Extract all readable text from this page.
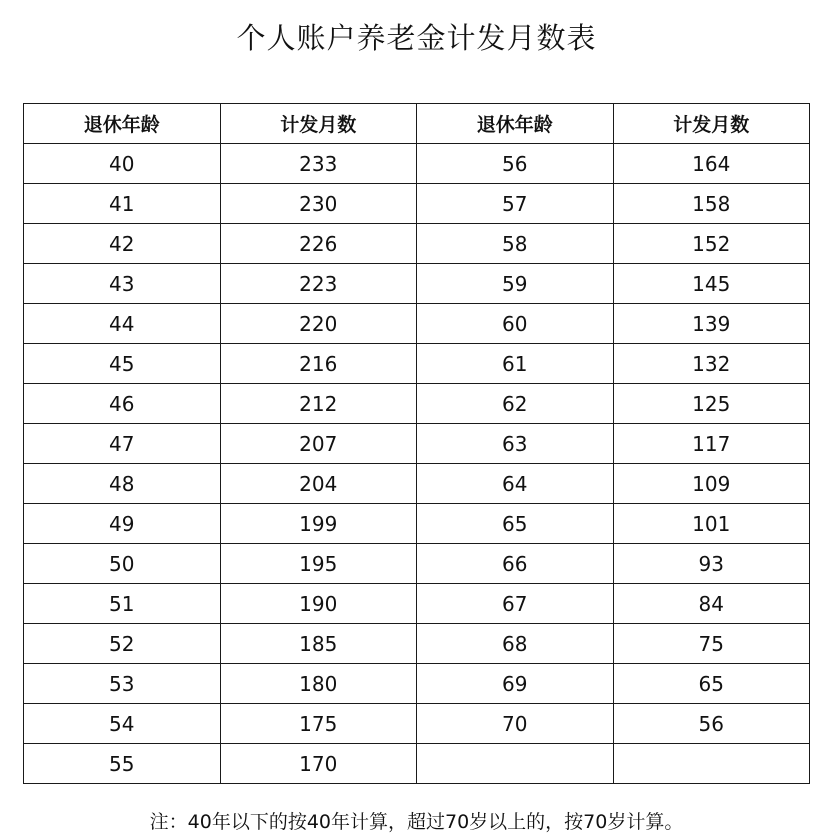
个人账户养老金计发月数表
退休年龄	计发月数	退休年龄	计发月数
40	233	56	164
41	230	57	158
42	226	58	152
43	223	59	145
44	220	60	139
45	216	61	132
46	212	62	125
47	207	63	117
48	204	64	109
49	199	65	101
50	195	66	93
51	190	67	84
52	185	68	75
53	180	69	65
54	175	70	56
55	170		
注：40年以下的按40年计算，超过70岁以上的，按70岁计算。
